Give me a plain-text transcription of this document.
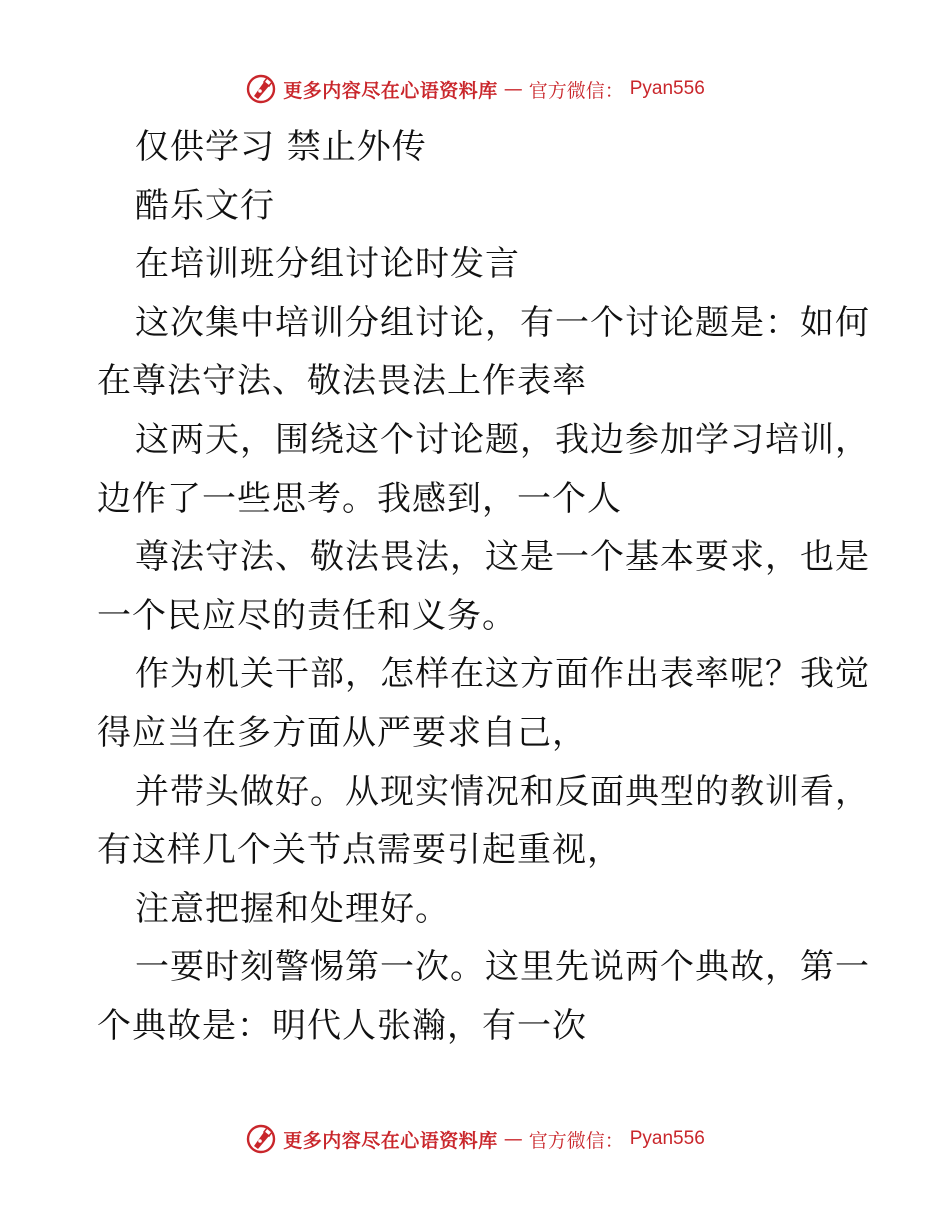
更多内容尽在心语资料库 — 官方微信： Pyan556
仅供学习 禁止外传
酷乐文行
在培训班分组讨论时发言
这次集中培训分组讨论，有一个讨论题是：如何
在尊法守法、敬法畏法上作表率
这两天，围绕这个讨论题，我边参加学习培训，
边作了一些思考。我感到，一个人
尊法守法、敬法畏法，这是一个基本要求，也是
一个民应尽的责任和义务。
作为机关干部，怎样在这方面作出表率呢？我觉
得应当在多方面从严要求自己，
并带头做好。从现实情况和反面典型的教训看，
有这样几个关节点需要引起重视，
注意把握和处理好。
一要时刻警惕第一次。这里先说两个典故，第一
个典故是：明代人张瀚，有一次
更多内容尽在心语资料库 — 官方微信： Pyan556
